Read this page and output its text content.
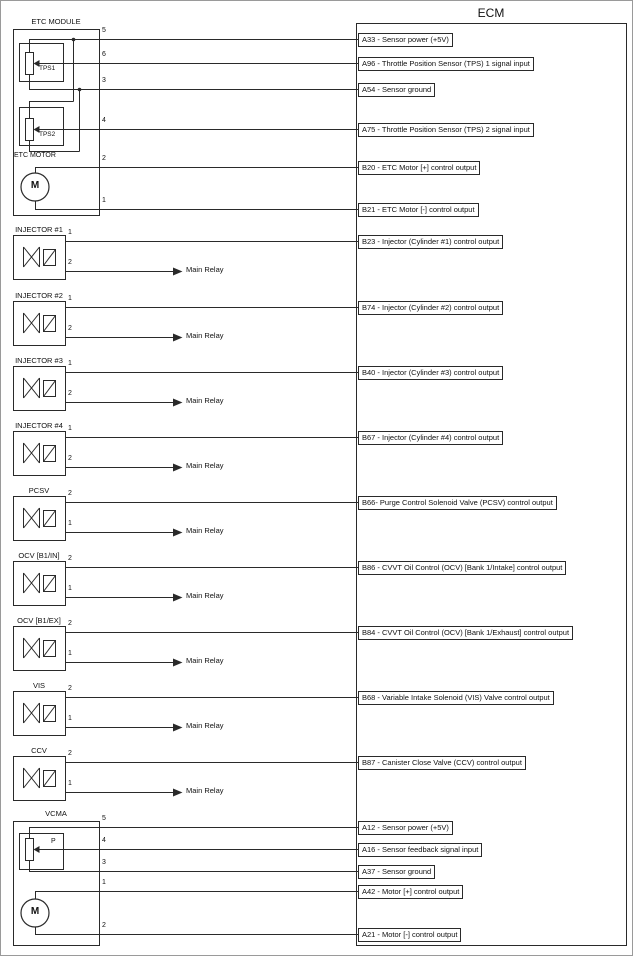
ECM
A33 - Sensor power (+5V)
A96 - Throttle Position Sensor (TPS) 1 signal input
A54 - Sensor ground
A75 - Throttle Position Sensor (TPS) 2 signal input
B20 - ETC Motor [+] control output
B21 - ETC Motor [-] control output
B23 - Injector (Cylinder #1) control output
B74 - Injector (Cylinder #2) control output
B40 - Injector (Cylinder #3) control output
B67 - Injector (Cylinder #4) control output
B66- Purge Control Solenoid Valve (PCSV) control output
B86 - CVVT Oil Control (OCV) [Bank 1/Intake] control output
B84 - CVVT Oil Control (OCV) [Bank 1/Exhaust] control output
B68 - Variable Intake Solenoid (VIS) Valve control output
B87 - Canister Close Valve (CCV) control output
A12 - Sensor power (+5V)
A16 - Sensor feedback signal input
A37 - Sensor ground
A42 - Motor [+] control output
A21 - Motor [-] control output
ETC MODULE
TPS1
TPS2
ETC MOTOR
M
5
6
3
4
2
1
INJECTOR #1 1
2
Main Relay
INJECTOR #2 1
2
Main Relay
INJECTOR #3 1
2
Main Relay
INJECTOR #4 1
2
Main Relay
PCSV	2
1
Main Relay
OCV [B1/IN]	2
1
Main Relay
OCV [B1/EX]	2
1
Main Relay
VIS	2
1
Main Relay
CCV	2
1
Main Relay
VCMA
P
M
5
4
3
1
2
